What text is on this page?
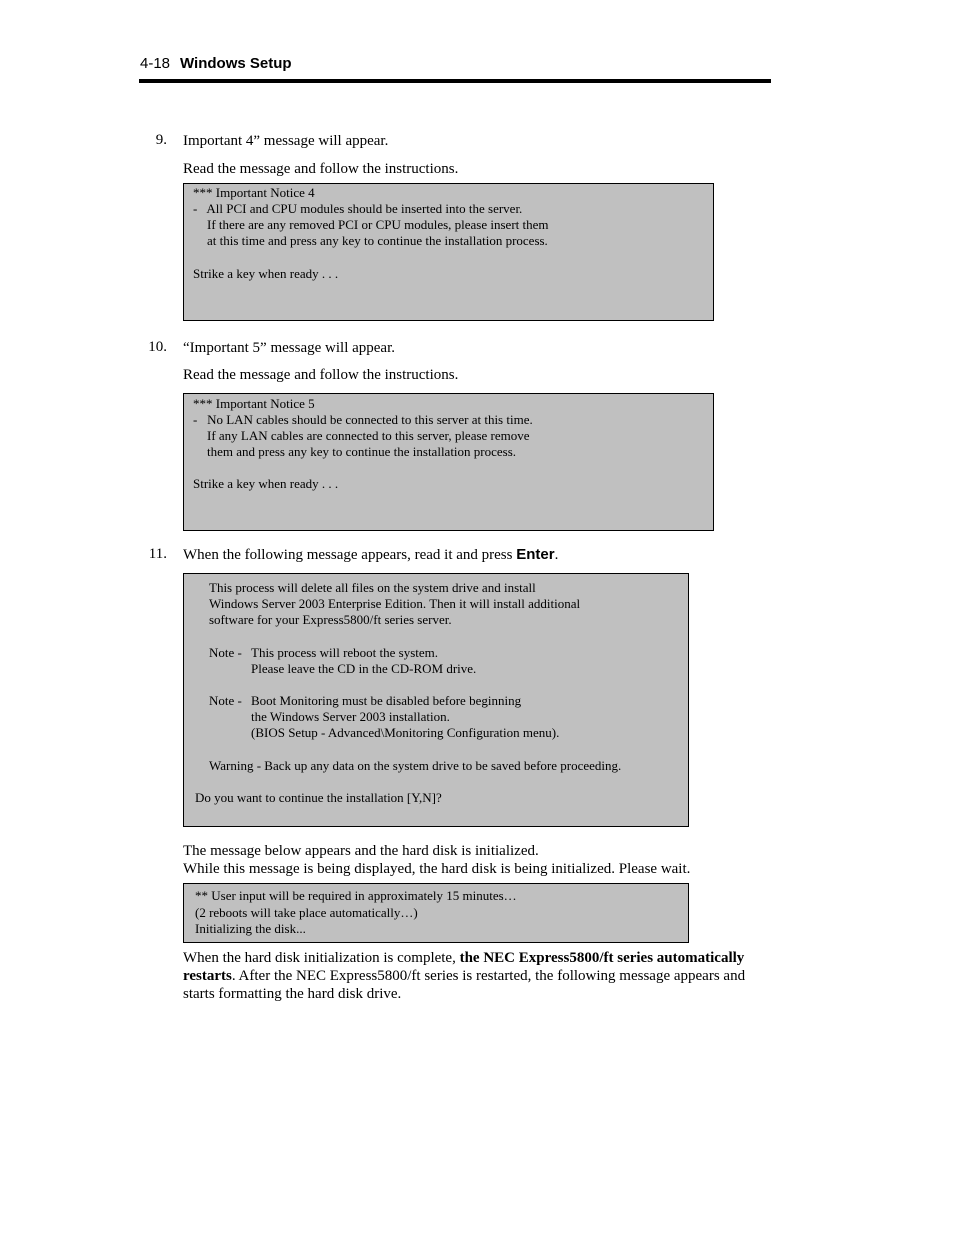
4-18 Windows Setup
9. Important 4” message will appear.
Read the message and follow the instructions.
*** Important Notice 4
-   All PCI and CPU modules should be inserted into the server.
If there are any removed PCI or CPU modules, please insert them
at this time and press any key to continue the installation process.
Strike a key when ready . . .
10. “Important 5” message will appear.
Read the message and follow the instructions.
*** Important Notice 5
-   No LAN cables should be connected to this server at this time.
If any LAN cables are connected to this server, please remove
them and press any key to continue the installation process.
Strike a key when ready . . .
11. When the following message appears, read it and press Enter.
This process will delete all files on the system drive and install
Windows Server 2003 Enterprise Edition. Then it will install additional
software for your Express5800/ft series server.
Note - This process will reboot the system.
Please leave the CD in the CD-ROM drive.
Note - Boot Monitoring must be disabled before beginning
the Windows Server 2003 installation.
(BIOS Setup - Advanced\Monitoring Configuration menu).
Warning - Back up any data on the system drive to be saved before proceeding.
Do you want to continue the installation [Y,N]?
The message below appears and the hard disk is initialized.
While this message is being displayed, the hard disk is being initialized. Please wait.
** User input will be required in approximately 15 minutes…
(2 reboots will take place automatically…)
Initializing the disk...
When the hard disk initialization is complete, the NEC Express5800/ft series automatically
restarts. After the NEC Express5800/ft series is restarted, the following message appears and
starts formatting the hard disk drive.
